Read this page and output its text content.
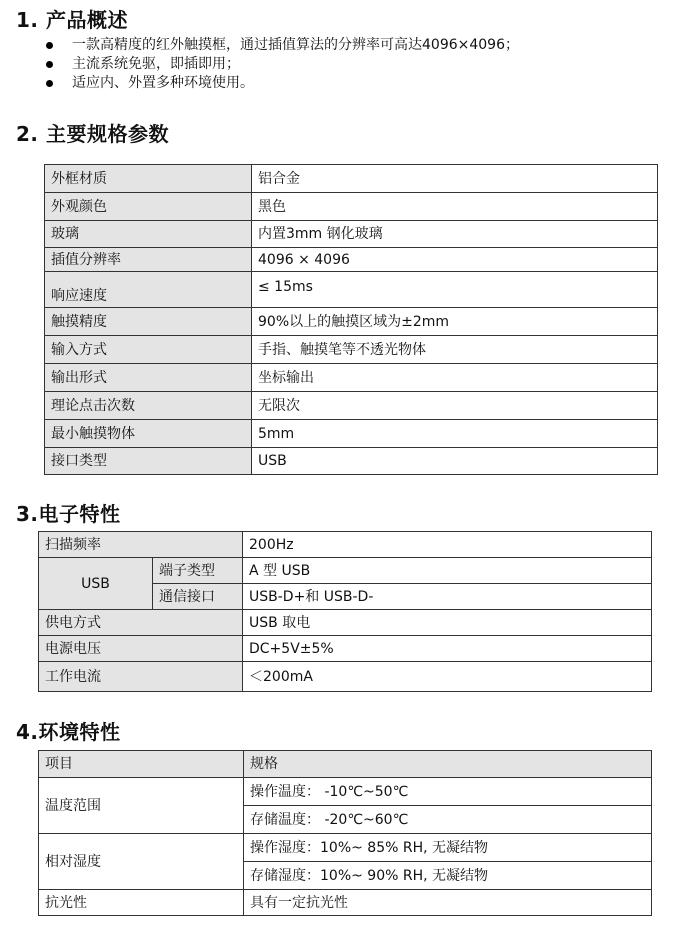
1. 产品概述
一款高精度的红外触摸框，通过插值算法的分辨率可高达4096×4096；
主流系统免驱，即插即用；
适应内、外置多种环境使用。
2. 主要规格参数
外框材质	铝合金
外观颜色	黑色
玻璃	内置3mm 钢化玻璃
插值分辨率	4096 × 4096
响应速度	≤ 15ms
触摸精度	90%以上的触摸区域为±2mm
输入方式	手指、触摸笔等不透光物体
输出形式	坐标输出
理论点击次数	无限次
最小触摸物体	5mm
接口类型	USB
3.电子特性
扫描频率		200Hz
USB	端子类型	A 型 USB
	通信接口	USB-D+和 USB-D-
供电方式		USB 取电
电源电压		DC+5V±5%
工作电流		＜200mA
4.环境特性
项目	规格
温度范围	操作温度： -10℃~50℃
	存储温度： -20℃~60℃
相对湿度	操作湿度：10%~ 85% RH, 无凝结物
	存储湿度：10%~ 90% RH, 无凝结物
抗光性	具有一定抗光性
